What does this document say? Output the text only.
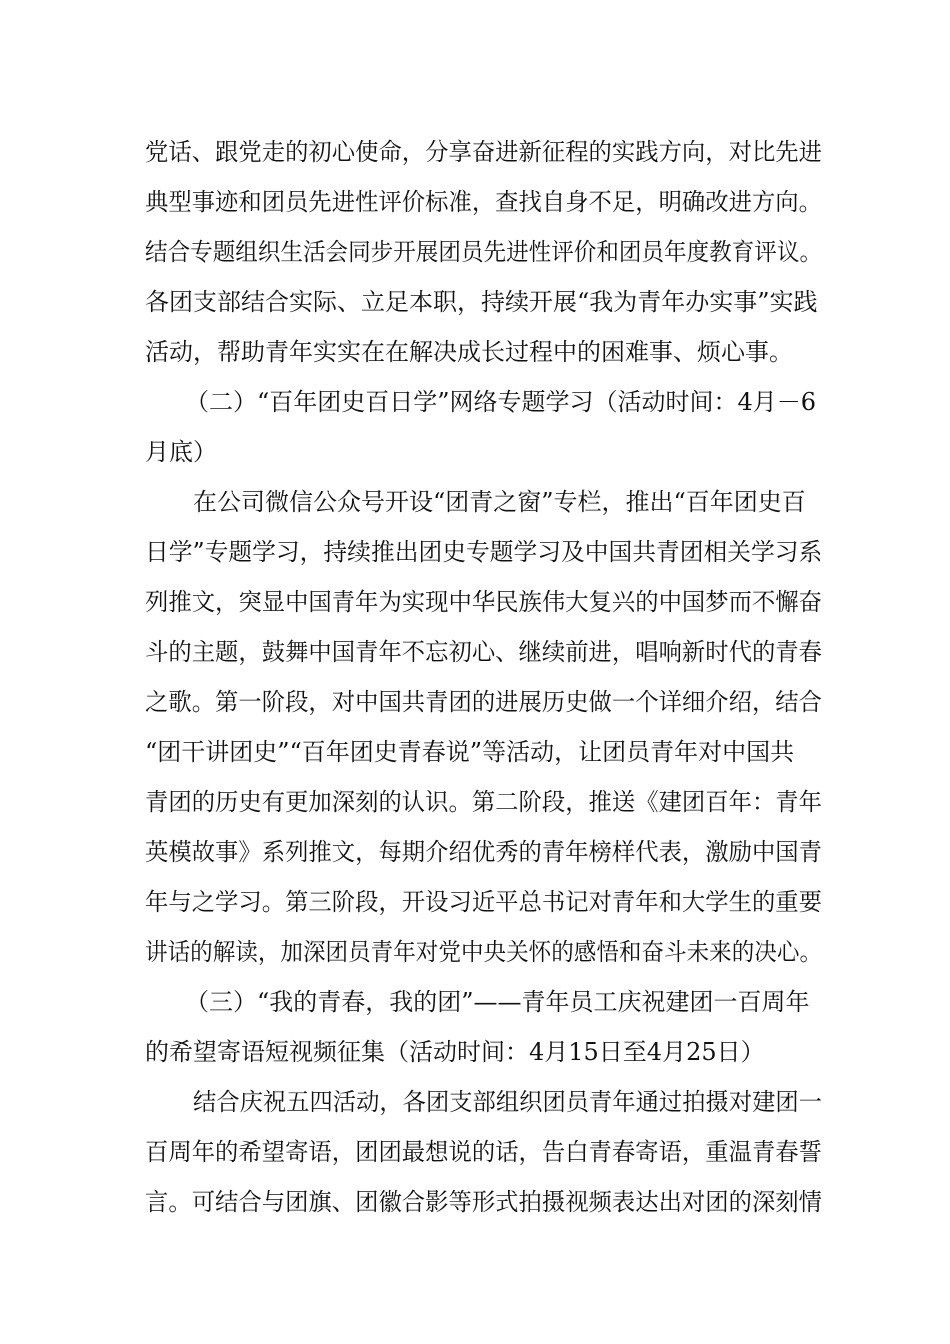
党话、跟党走的初心使命，分享奋进新征程的实践方向，对比先进
典型事迹和团员先进性评价标准，查找自身不足，明确改进方向。
结合专题组织生活会同步开展团员先进性评价和团员年度教育评议。
各团支部结合实际、立足本职，持续开展“我为青年办实事”实践
活动，帮助青年实实在在解决成长过程中的困难事、烦心事。
（二）“百年团史百日学”网络专题学习（活动时间：4月－6
月底）
在公司微信公众号开设“团青之窗”专栏，推出“百年团史百
日学”专题学习，持续推出团史专题学习及中国共青团相关学习系
列推文，突显中国青年为实现中华民族伟大复兴的中国梦而不懈奋
斗的主题，鼓舞中国青年不忘初心、继续前进，唱响新时代的青春
之歌。第一阶段，对中国共青团的进展历史做一个详细介绍，结合
“团干讲团史”“百年团史青春说”等活动，让团员青年对中国共
青团的历史有更加深刻的认识。第二阶段，推送《建团百年：青年
英模故事》系列推文，每期介绍优秀的青年榜样代表，激励中国青
年与之学习。第三阶段，开设习近平总书记对青年和大学生的重要
讲话的解读，加深团员青年对党中央关怀的感悟和奋斗未来的决心。
（三）“我的青春，我的团”——青年员工庆祝建团一百周年
的希望寄语短视频征集（活动时间：4月15日至4月25日）
结合庆祝五四活动，各团支部组织团员青年通过拍摄对建团一
百周年的希望寄语，团团最想说的话，告白青春寄语，重温青春誓
言。可结合与团旗、团徽合影等形式拍摄视频表达出对团的深刻情
